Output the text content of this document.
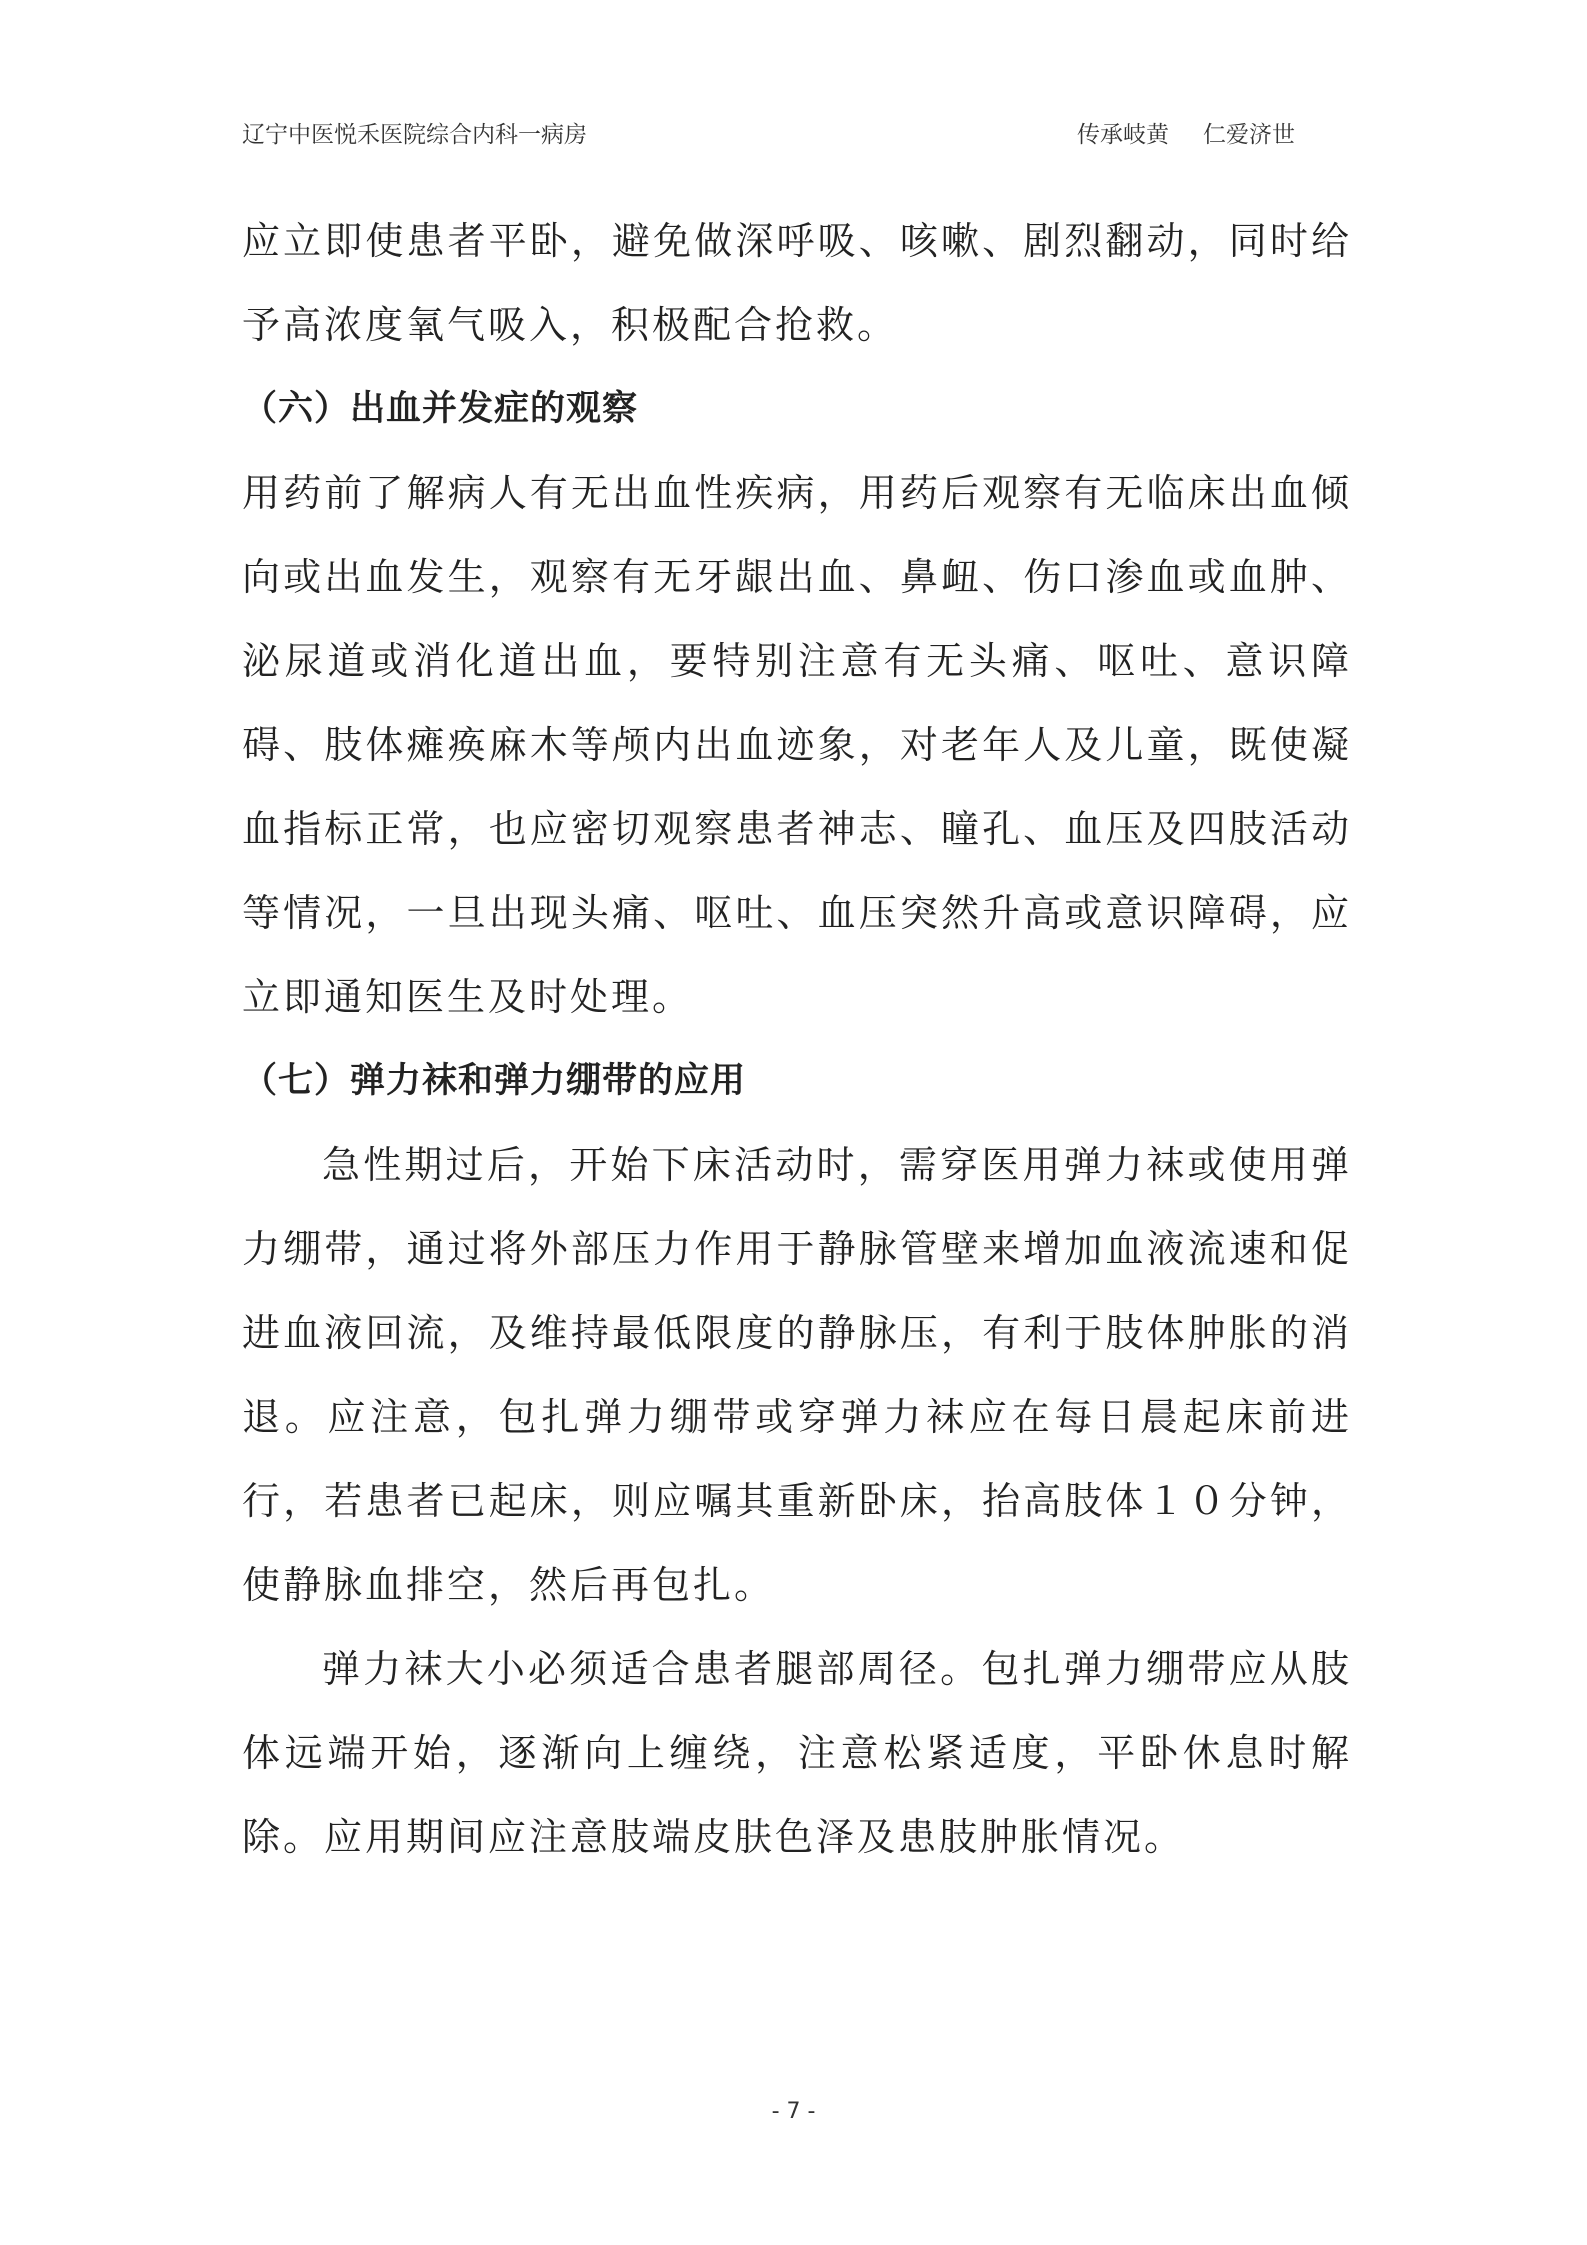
辽宁中医悦禾医院综合内科一病房	传承岐黄 仁爱济世

应立即使患者平卧，避免做深呼吸、咳嗽、剧烈翻动，同时给予高浓度氧气吸入，积极配合抢救。

（六）出血并发症的观察

用药前了解病人有无出血性疾病，用药后观察有无临床出血倾向或出血发生，观察有无牙龈出血、鼻衄、伤口渗血或血肿、泌尿道或消化道出血，要特别注意有无头痛、呕吐、意识障碍、肢体瘫痪麻木等颅内出血迹象，对老年人及儿童，既使凝血指标正常，也应密切观察患者神志、瞳孔、血压及四肢活动等情况，一旦出现头痛、呕吐、血压突然升高或意识障碍，应立即通知医生及时处理。

（七）弹力袜和弹力绷带的应用

急性期过后，开始下床活动时，需穿医用弹力袜或使用弹力绷带，通过将外部压力作用于静脉管壁来增加血液流速和促进血液回流，及维持最低限度的静脉压，有利于肢体肿胀的消退。应注意，包扎弹力绷带或穿弹力袜应在每日晨起床前进行，若患者已起床，则应嘱其重新卧床，抬高肢体１０分钟，使静脉血排空，然后再包扎。

弹力袜大小必须适合患者腿部周径。包扎弹力绷带应从肢体远端开始，逐渐向上缠绕，注意松紧适度，平卧休息时解除。应用期间应注意肢端皮肤色泽及患肢肿胀情况。

- 7 -
